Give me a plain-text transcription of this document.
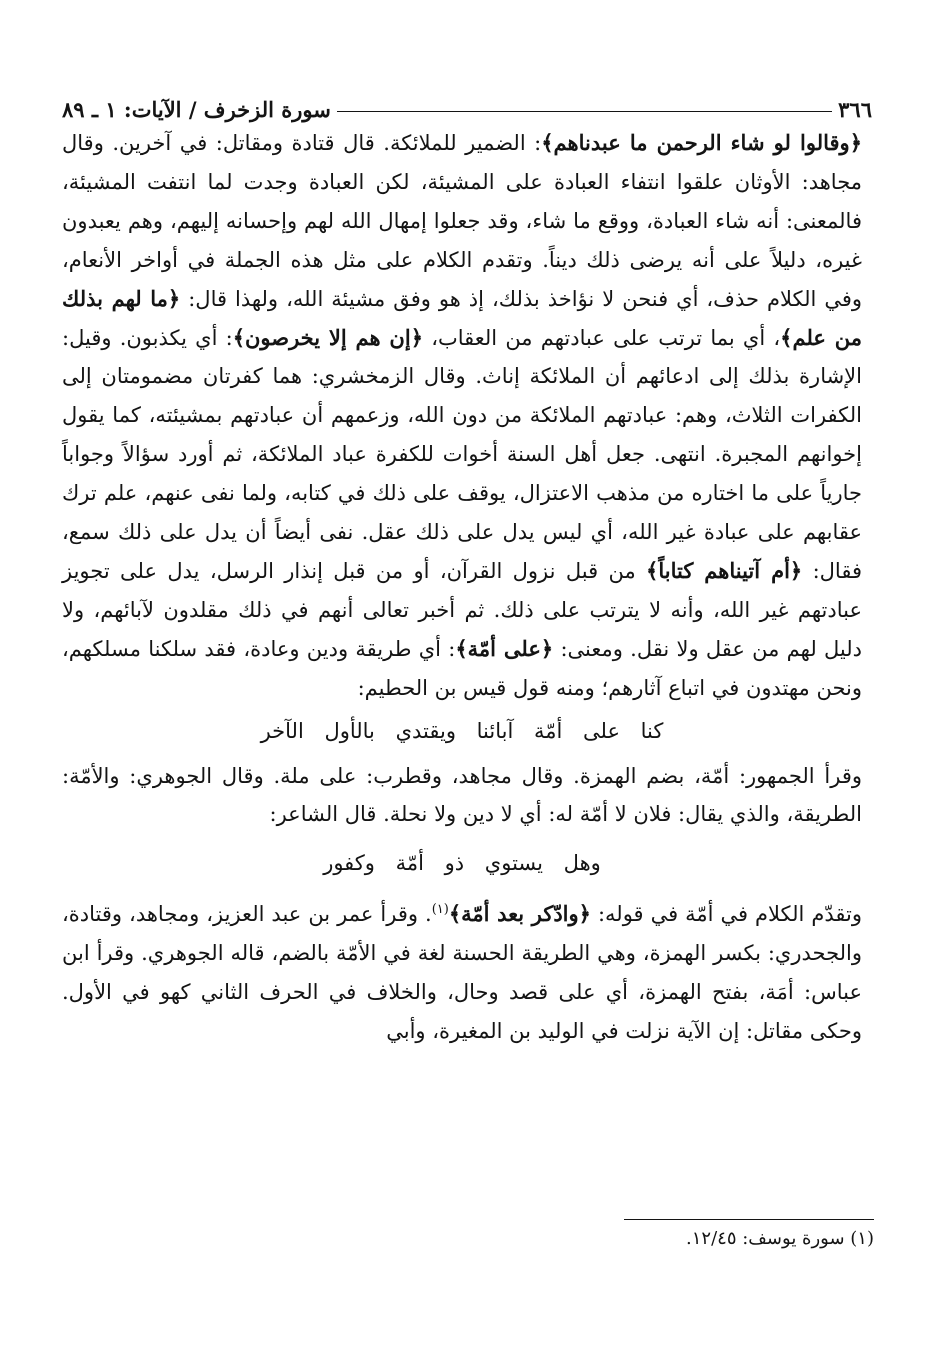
٣٦٦
سورة الزخرف / الآيات: ١ ـ ٨٩

﴿وقالوا لو شاء الرحمن ما عبدناهم﴾: الضمير للملائكة. قال قتادة ومقاتل: في آخرين. وقال مجاهد: الأوثان علقوا انتفاء العبادة على المشيئة، لكن العبادة وجدت لما انتفت المشيئة، فالمعنى: أنه شاء العبادة، ووقع ما شاء، وقد جعلوا إمهال الله لهم وإحسانه إليهم، وهم يعبدون غيره، دليلاً على أنه يرضى ذلك ديناً. وتقدم الكلام على مثل هذه الجملة في أواخر الأنعام، وفي الكلام حذف، أي فنحن لا نؤاخذ بذلك، إذ هو وفق مشيئة الله، ولهذا قال: ﴿ما لهم بذلك من علم﴾، أي بما ترتب على عبادتهم من العقاب، ﴿إن هم إلا يخرصون﴾: أي يكذبون. وقيل: الإشارة بذلك إلى ادعائهم أن الملائكة إناث. وقال الزمخشري: هما كفرتان مضمومتان إلى الكفرات الثلاث، وهم: عبادتهم الملائكة من دون الله، وزعمهم أن عبادتهم بمشيئته، كما يقول إخوانهم المجبرة. انتهى. جعل أهل السنة أخوات للكفرة عباد الملائكة، ثم أورد سؤالاً وجواباً جارياً على ما اختاره من مذهب الاعتزال، يوقف على ذلك في كتابه، ولما نفى عنهم، علم ترك عقابهم على عبادة غير الله، أي ليس يدل على ذلك عقل. نفى أيضاً أن يدل على ذلك سمع، فقال: ﴿أم آتيناهم كتاباً﴾ من قبل نزول القرآن، أو من قبل إنذار الرسل، يدل على تجويز عبادتهم غير الله، وأنه لا يترتب على ذلك. ثم أخبر تعالى أنهم في ذلك مقلدون لآبائهم، ولا دليل لهم من عقل ولا نقل. ومعنى: ﴿على أمّة﴾: أي طريقة ودين وعادة، فقد سلكنا مسلكهم، ونحن مهتدون في اتباع آثارهم؛ ومنه قول قيس بن الحطيم:

كنا على أمّة آبائنا ويقتدي بالأول الآخر

وقرأ الجمهور: أمّة، بضم الهمزة. وقال مجاهد، وقطرب: على ملة. وقال الجوهري: والأمّة: الطريقة، والذي يقال: فلان لا أمّة له: أي لا دين ولا نحلة. قال الشاعر:

وهل يستوي ذو أمّة وكفور

وتقدّم الكلام في أمّة في قوله: ﴿وادّكر بعد أمّة﴾$^{(١)}$. وقرأ عمر بن عبد العزيز، ومجاهد، وقتادة، والجحدري: بكسر الهمزة، وهي الطريقة الحسنة لغة في الأمّة بالضم، قاله الجوهري. وقرأ ابن عباس: أمَة، بفتح الهمزة، أي على قصد وحال، والخلاف في الحرف الثاني كهو في الأول. وحكى مقاتل: إن الآية نزلت في الوليد بن المغيرة، وأبي

(١) سورة يوسف: ١٢/٤٥.
